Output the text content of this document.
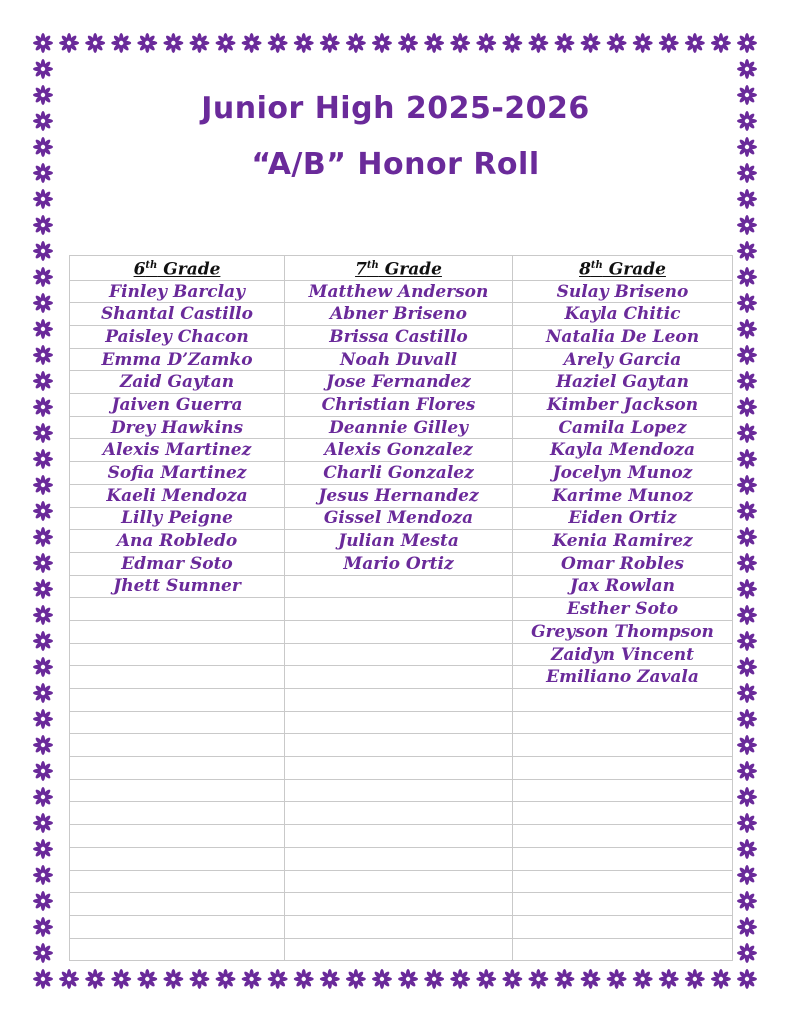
Junior High 2025-2026
“A/B” Honor Roll
6th Grade	7th Grade	8th Grade
Finley Barclay	Matthew Anderson	Sulay Briseno
Shantal Castillo	Abner Briseno	Kayla Chitic
Paisley Chacon	Brissa Castillo	Natalia De Leon
Emma D’Zamko	Noah Duvall	Arely Garcia
Zaid Gaytan	Jose Fernandez	Haziel Gaytan
Jaiven Guerra	Christian Flores	Kimber Jackson
Drey Hawkins	Deannie Gilley	Camila Lopez
Alexis Martinez	Alexis Gonzalez	Kayla Mendoza
Sofia Martinez	Charli Gonzalez	Jocelyn Munoz
Kaeli Mendoza	Jesus Hernandez	Karime Munoz
Lilly Peigne	Gissel Mendoza	Eiden Ortiz
Ana Robledo	Julian Mesta	Kenia Ramirez
Edmar Soto	Mario Ortiz	Omar Robles
Jhett Sumner		Jax Rowlan
		Esther Soto
		Greyson Thompson
		Zaidyn Vincent
		Emiliano Zavala
